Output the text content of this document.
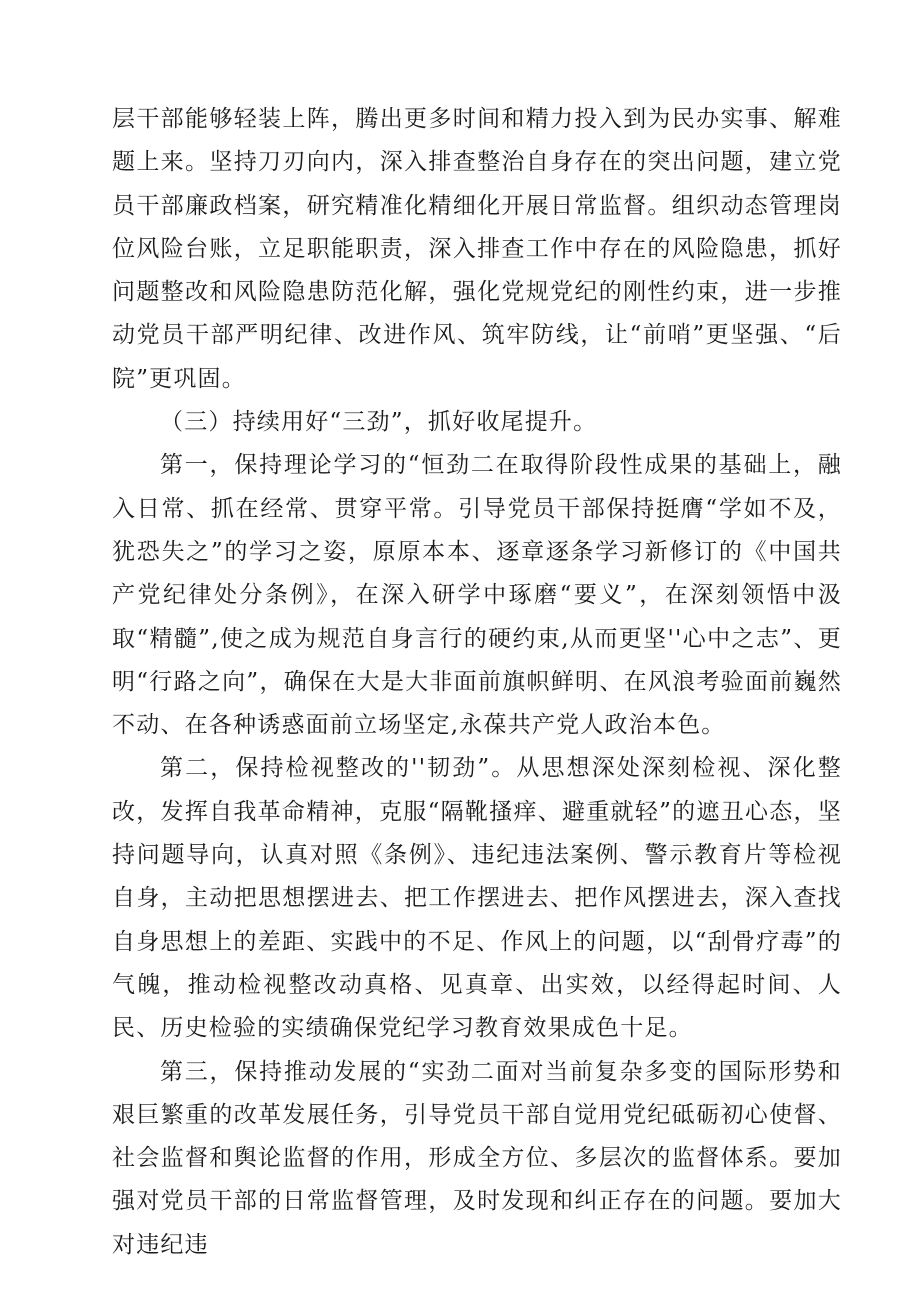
层干部能够轻装上阵，腾出更多时间和精力投入到为民办实事、解难题上来。坚持刀刃向内，深入排查整治自身存在的突出问题，建立党员干部廉政档案，研究精准化精细化开展日常监督。组织动态管理岗位风险台账，立足职能职责，深入排查工作中存在的风险隐患，抓好问题整改和风险隐患防范化解，强化党规党纪的刚性约束，进一步推动党员干部严明纪律、改进作风、筑牢防线，让“前哨”更坚强、“后院”更巩固。

（三）持续用好“三劲”，抓好收尾提升。

第一，保持理论学习的“恒劲二在取得阶段性成果的基础上，融入日常、抓在经常、贯穿平常。引导党员干部保持挺膺“学如不及，犹恐失之”的学习之姿，原原本本、逐章逐条学习新修订的《中国共产党纪律处分条例》，在深入研学中琢磨“要义”，在深刻领悟中汲取“精髓”,使之成为规范自身言行的硬约束,从而更坚''心中之志”、更明“行路之向”，确保在大是大非面前旗帜鲜明、在风浪考验面前巍然不动、在各种诱惑面前立场坚定,永葆共产党人政治本色。

第二，保持检视整改的''韧劲”。从思想深处深刻检视、深化整改，发挥自我革命精神，克服“隔靴搔痒、避重就轻”的遮丑心态，坚持问题导向，认真对照《条例》、违纪违法案例、警示教育片等检视自身，主动把思想摆进去、把工作摆进去、把作风摆进去，深入查找自身思想上的差距、实践中的不足、作风上的问题，以“刮骨疗毒”的气魄，推动检视整改动真格、见真章、出实效，以经得起时间、人民、历史检验的实绩确保党纪学习教育效果成色十足。

第三，保持推动发展的“实劲二面对当前复杂多变的国际形势和艰巨繁重的改革发展任务，引导党员干部自觉用党纪砥砺初心使督、社会监督和舆论监督的作用，形成全方位、多层次的监督体系。要加强对党员干部的日常监督管理，及时发现和纠正存在的问题。要加大对违纪违
